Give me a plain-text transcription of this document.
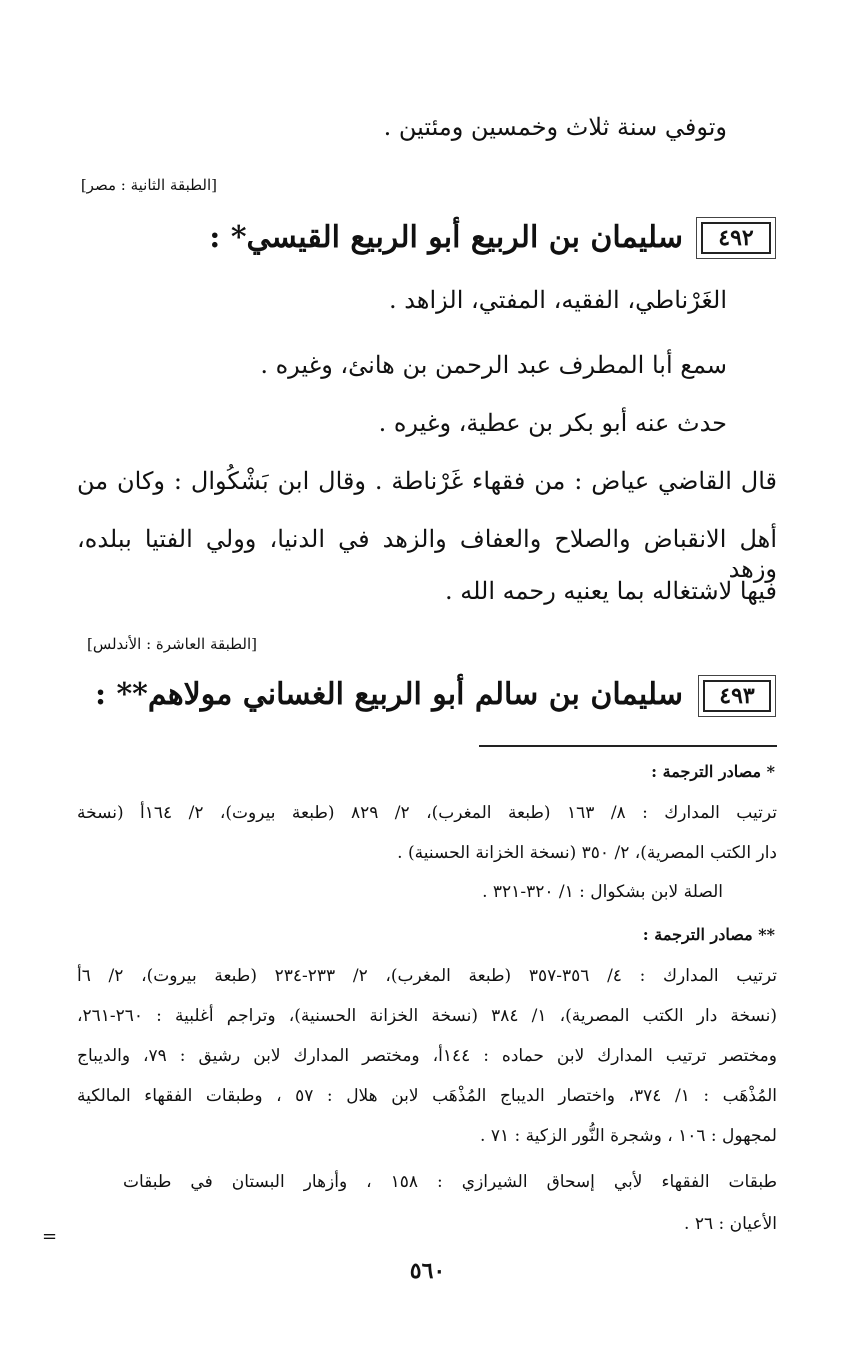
وتوفي سنة ثلاث وخمسين ومئتين .
[الطبقة الثانية : مصر]
٤٩٢
سليمان بن الربيع أبو الربيع القيسي* :
الغَرْناطي، الفقيه، المفتي، الزاهد .
سمع أبا المطرف عبد الرحمن بن هانئ، وغيره .
حدث عنه أبو بكر بن عطية، وغيره .
قال القاضي عياض : من فقهاء غَرْناطة . وقال ابن بَشْكُوال : وكان من
أهل الانقباض والصلاح والعفاف والزهد في الدنيا، وولي الفتيا ببلده، وزهد
فيها لاشتغاله بما يعنيه رحمه الله .
[الطبقة العاشرة : الأندلس]
٤٩٣
سليمان بن سالم أبو الربيع الغساني مولاهم** :
* مصادر الترجمة :
ترتيب المدارك : ٨/ ١٦٣ (طبعة المغرب)، ٢/ ٨٢٩ (طبعة بيروت)، ٢/ ١٦٤أ (نسخة
دار الكتب المصرية)، ٢/ ٣٥٠ (نسخة الخزانة الحسنية) .
الصلة لابن بشكوال : ١/ ٣٢٠-٣٢١ .
** مصادر الترجمة :
ترتيب المدارك : ٤/ ٣٥٦-٣٥٧ (طبعة المغرب)، ٢/ ٢٣٣-٢٣٤ (طبعة بيروت)، ٢/ ٦أ
(نسخة دار الكتب المصرية)، ١/ ٣٨٤ (نسخة الخزانة الحسنية)، وتراجم أغلبية : ٢٦٠-٢٦١،
ومختصر ترتيب المدارك لابن حماده : ١٤٤أ، ومختصر المدارك لابن رشيق : ٧٩، والديباج
المُذْهَب : ١/ ٣٧٤، واختصار الديباج المُذْهَب لابن هلال : ٥٧ ، وطبقات الفقهاء المالكية
لمجهول : ١٠٦ ، وشجرة النُّور الزكية : ٧١ .
طبقات الفقهاء لأبي إسحاق الشيرازي : ١٥٨ ، وأزهار البستان في طبقات
الأعيان : ٢٦ .
٥٦٠
=
